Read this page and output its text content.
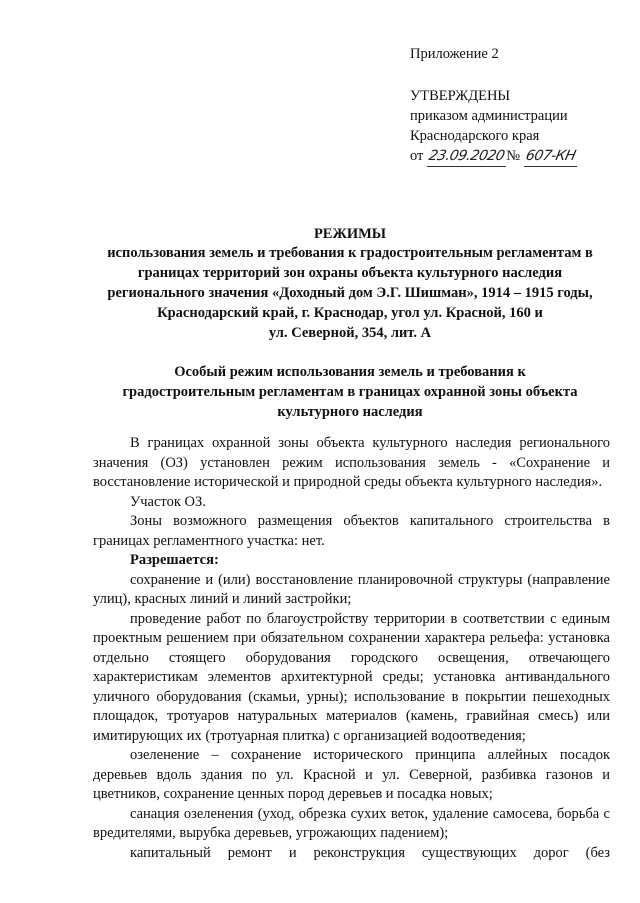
Приложение 2
УТВЕРЖДЕНЫ
приказом администрации
Краснодарского края
от 23.09.2020№ 607-КН
РЕЖИМЫ
использования земель и требования к градостроительным регламентам в
границах территорий зон охраны объекта культурного наследия
регионального значения «Доходный дом Э.Г. Шишман», 1914 – 1915 годы,
Краснодарский край, г. Краснодар, угол ул. Красной, 160 и
ул. Северной, 354, лит. А
Особый режим использования земель и требования к
градостроительным регламентам в границах охранной зоны объекта
культурного наследия

В границах охранной зоны объекта культурного наследия регионального значения (ОЗ) установлен режим использования земель - «Сохранение и восстановление исторической и природной среды объекта культурного наследия».

Участок ОЗ.

Зоны возможного размещения объектов капитального строительства в границах регламентного участка: нет.

Разрешается:

сохранение и (или) восстановление планировочной структуры (направление улиц), красных линий и линий застройки;

проведение работ по благоустройству территории в соответствии с единым проектным решением при обязательном сохранении характера рельефа: установка отдельно стоящего оборудования городского освещения, отвечающего характеристикам элементов архитектурной среды; установка антивандального уличного оборудования (скамьи, урны); использование в покрытии пешеходных площадок, тротуаров натуральных материалов (камень, гравийная смесь) или имитирующих их (тротуарная плитка) с организацией водоотведения;

озеленение – сохранение исторического принципа аллейных посадок деревьев вдоль здания по ул. Красной и ул. Северной, разбивка газонов и цветников, сохранение ценных пород деревьев и посадка новых;

санация озеленения (уход, обрезка сухих веток, удаление самосева, борьба с вредителями, вырубка деревьев, угрожающих падением);

капитальный ремонт и реконструкция существующих дорог (без
